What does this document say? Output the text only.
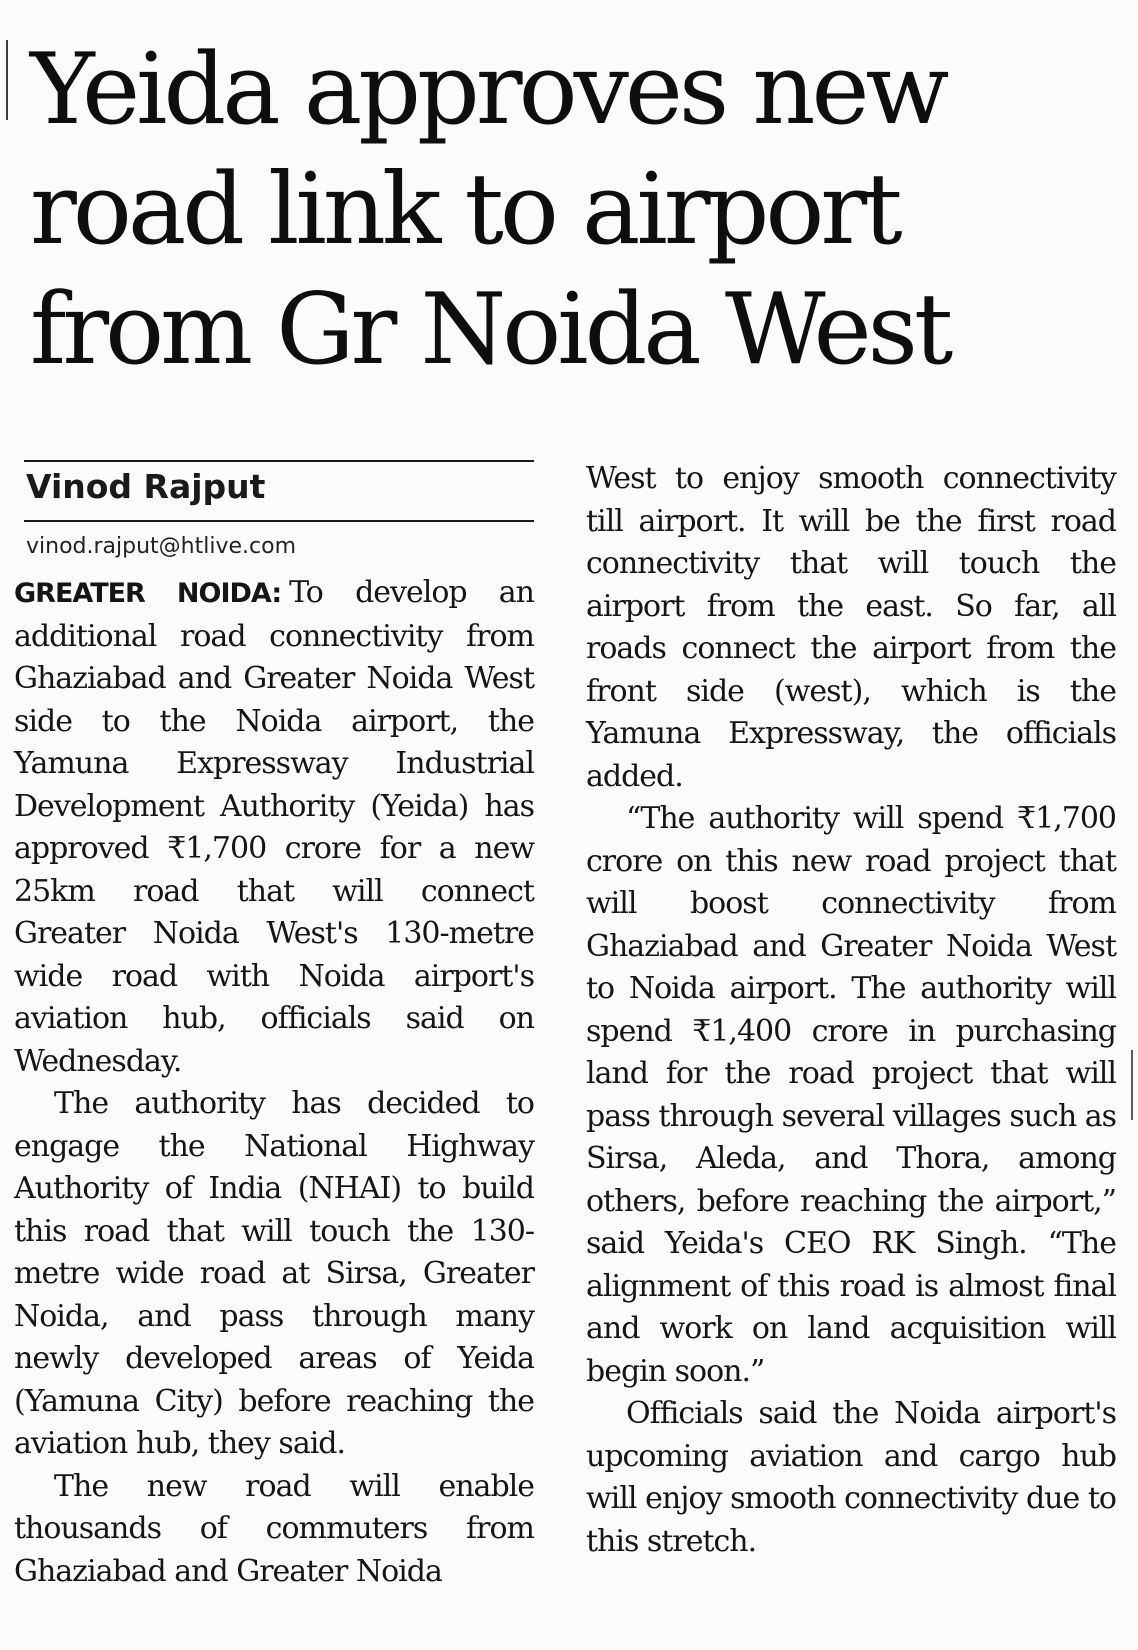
Yeida approves new road link to airport from Gr Noida West
Vinod Rajput
vinod.rajput@htlive.com

GREATER NOIDA: To develop an additional road connectivity from Ghaziabad and Greater Noida West side to the Noida airport, the Yamuna Expressway Industrial Development Authority (Yeida) has approved ₹1,700 crore for a new 25km road that will connect Greater Noida West's 130-metre wide road with Noida airport's aviation hub, officials said on Wednesday.

The authority has decided to engage the National Highway Authority of India (NHAI) to build this road that will touch the 130-metre wide road at Sirsa, Greater Noida, and pass through many newly developed areas of Yeida (Yamuna City) before reaching the aviation hub, they said.

The new road will enable thousands of commuters from Ghaziabad and Greater Noida

West to enjoy smooth connectivity till airport. It will be the first road connectivity that will touch the airport from the east. So far, all roads connect the airport from the front side (west), which is the Yamuna Expressway, the officials added.

“The authority will spend ₹1,700 crore on this new road project that will boost connectivity from Ghaziabad and Greater Noida West to Noida airport. The authority will spend ₹1,400 crore in purchasing land for the road project that will pass through several villages such as Sirsa, Aleda, and Thora, among others, before reaching the airport,” said Yeida's CEO RK Singh. “The alignment of this road is almost final and work on land acquisition will begin soon.”

Officials said the Noida airport's upcoming aviation and cargo hub will enjoy smooth connectivity due to this stretch.
